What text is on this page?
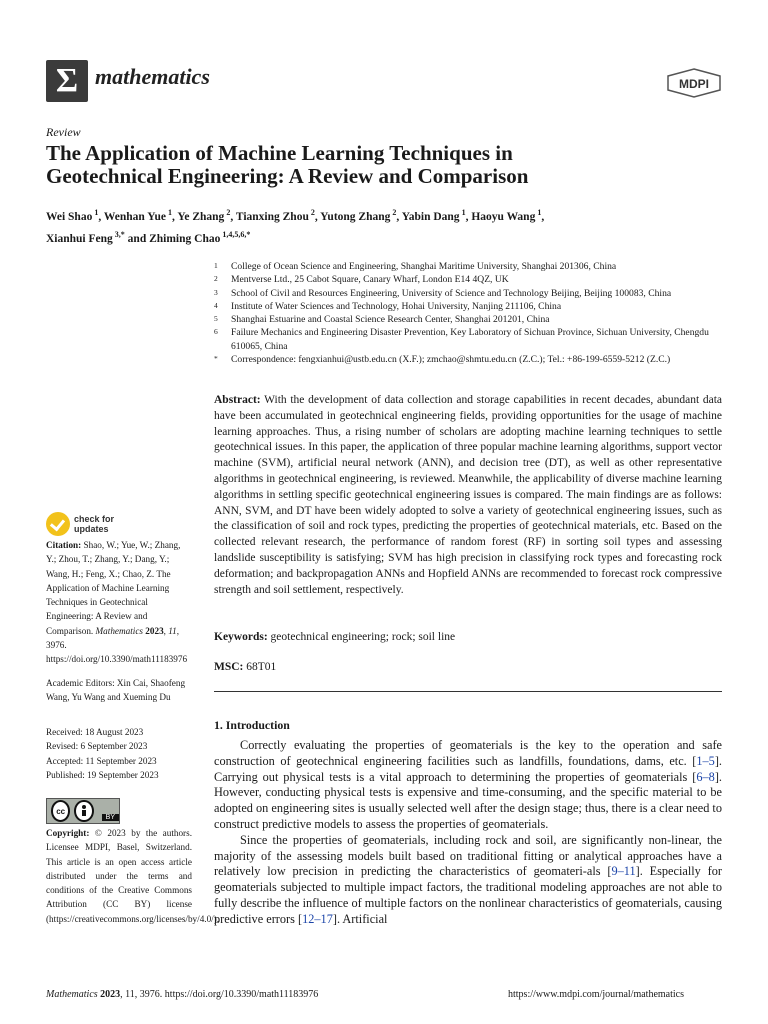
Σ mathematics	MDPI
Review
The Application of Machine Learning Techniques in
Geotechnical Engineering: A Review and Comparison
Wei Shao $^1$, Wenhan Yue $^1$, Ye Zhang $^2$, Tianxing Zhou $^2$, Yutong Zhang $^2$, Yabin Dang $^1$, Haoyu Wang $^1$,
Xianhui Feng $^{3,*}$ and Zhiming Chao $^{1,4,5,6,*}$
1	College of Ocean Science and Engineering, Shanghai Maritime University, Shanghai 201306, China
2	Mentverse Ltd., 25 Cabot Square, Canary Wharf, London E14 4QZ, UK
3	School of Civil and Resources Engineering, University of Science and Technology Beijing, Beijing 100083, China
4	Institute of Water Sciences and Technology, Hohai University, Nanjing 211106, China
5	Shanghai Estuarine and Coastal Science Research Center, Shanghai 201201, China
6	Failure Mechanics and Engineering Disaster Prevention, Key Laboratory of Sichuan Province, Sichuan University, Chengdu 610065, China
*	Correspondence: fengxianhui@ustb.edu.cn (X.F.); zmchao@shmtu.edu.cn (Z.C.); Tel.: +86-199-6559-5212 (Z.C.)
Abstract: With the development of data collection and storage capabilities in recent decades, abundant data have been accumulated in geotechnical engineering fields, providing opportunities for the usage of machine learning approaches. Thus, a rising number of scholars are adopting machine learning techniques to settle geotechnical issues. In this paper, the application of three popular machine learning algorithms, support vector machine (SVM), artificial neural network (ANN), and decision tree (DT), as well as other representative algorithms in geotechnical engineering, is reviewed. Meanwhile, the applicability of diverse machine learning algorithms in settling specific geotechnical engineering issues is compared. The main findings are as follows: ANN, SVM, and DT have been widely adopted to solve a variety of geotechnical engineering issues, such as the classification of soil and rock types, predicting the properties of geotechnical materials, etc. Based on the collected relevant research, the performance of random forest (RF) in sorting soil types and assessing landslide susceptibility is satisfying; SVM has high precision in classifying rock types and forecasting rock deformation; and backpropagation ANNs and Hopfield ANNs are recommended to forecast rock compressive strength and soil settlement, respectively.
Keywords: geotechnical engineering; rock; soil line
MSC: 68T01
1. Introduction

Correctly evaluating the properties of geomaterials is the key to the operation and safe construction of geotechnical engineering facilities such as landfills, foundations, dams, etc. [1–5]. Carrying out physical tests is a vital approach to determining the properties of geomaterials [6–8]. However, conducting physical tests is expensive and time-consuming, and the specific material to be adopted on engineering sites is usually selected well after the design stage; thus, there is a clear need to construct predictive models to assess the properties of geomaterials.

Since the properties of geomaterials, including rock and soil, are significantly non-linear, the majority of the assessing models built based on traditional fitting or analytical approaches have a relatively low precision in predicting the characteristics of geomateri-als [9–11]. Especially for geomaterials subjected to multiple impact factors, the traditional modeling approaches are not able to fully describe the influence of multiple factors on the nonlinear characteristics of geomaterials, causing predictive errors [12–17]. Artificial

check for
updates
Citation: Shao, W.; Yue, W.; Zhang, Y.; Zhou, T.; Zhang, Y.; Dang, Y.; Wang, H.; Feng, X.; Chao, Z. The Application of Machine Learning Techniques in Geotechnical Engineering: A Review and Comparison. Mathematics 2023, 11, 3976. https://doi.org/10.3390/math11183976
Academic Editors: Xin Cai, Shaofeng Wang, Yu Wang and Xueming Du
Received: 18 August 2023
Revised: 6 September 2023
Accepted: 11 September 2023
Published: 19 September 2023
cc
BY
Copyright: © 2023 by the authors. Licensee MDPI, Basel, Switzerland. This article is an open access article distributed under the terms and conditions of the Creative Commons Attribution (CC BY) license (https://creativecommons.org/licenses/by/4.0/).
Mathematics 2023, 11, 3976. https://doi.org/10.3390/math11183976	https://www.mdpi.com/journal/mathematics
